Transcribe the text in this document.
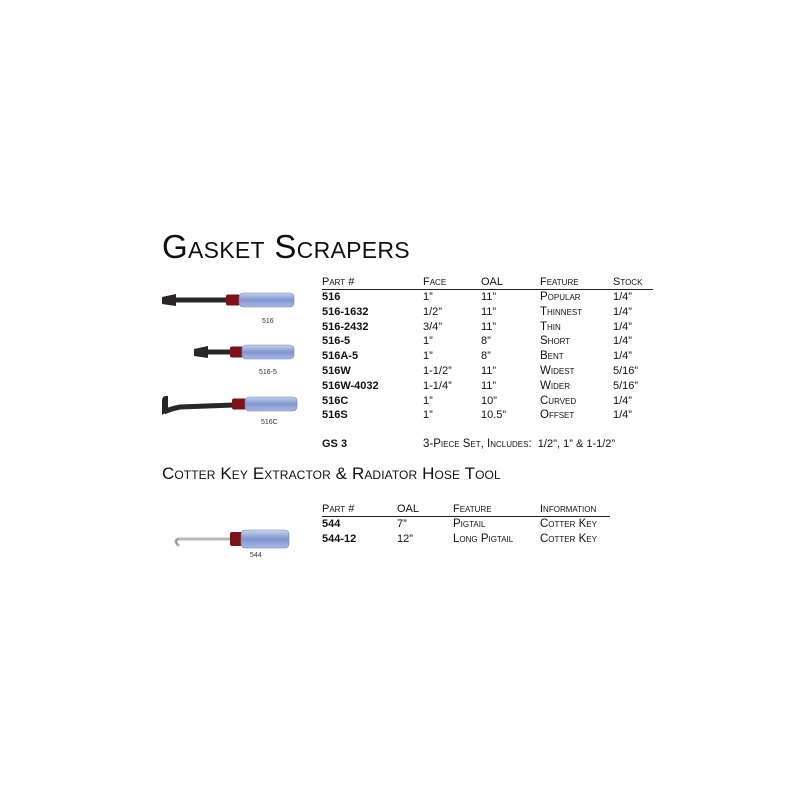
Gasket Scrapers
516
516-5
516C
Part #	Face	OAL	Feature	Stock
516	1”	11”	Popular	1/4”
516-1632	1/2”	11”	Thinnest	1/4”
516-2432	3/4"	11”	Thin	1/4”
516-5	1”	8”	Short	1/4”
516A-5	1”	8”	Bent	1/4”
516W	1-1/2”	11”	Widest	5/16”
516W-4032	1-1/4”	11”	Wider	5/16”
516C	1”	10”	Curved	1/4”
516S	1”	10.5”	Offset	1/4”
GS 3	3-Piece Set, Includes: 1/2", 1” & 1-1/2”
Cotter Key Extractor & Radiator Hose Tool
544
Part #	OAL	Feature	Information
544	7”	Pigtail	Cotter Key
544-12	12”	Long Pigtail	Cotter Key
